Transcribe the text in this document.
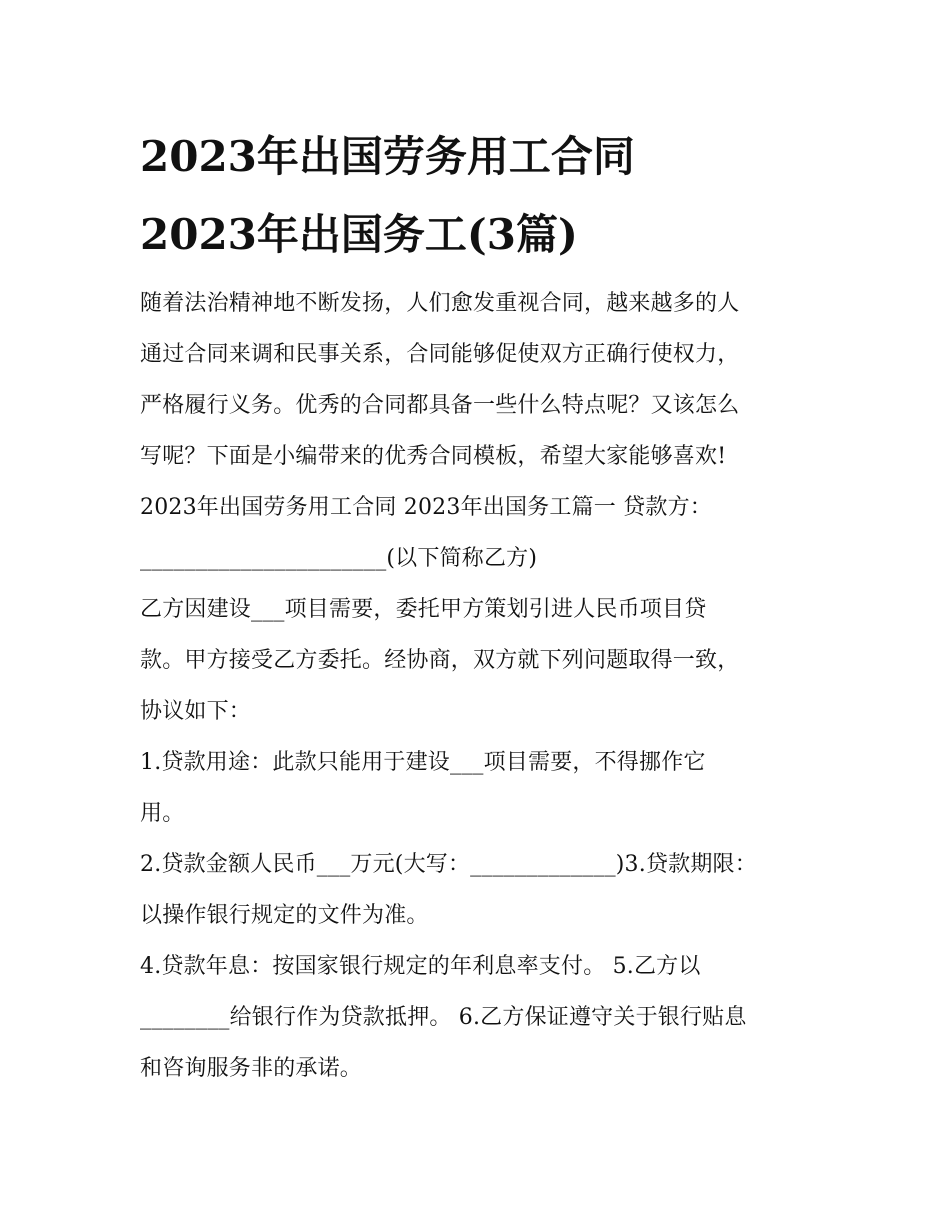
2023年出国劳务用工合同
2023年出国务工(3篇)
随着法治精神地不断发扬，人们愈发重视合同，越来越多的人
通过合同来调和民事关系，合同能够促使双方正确行使权力，
严格履行义务。优秀的合同都具备一些什么特点呢？又该怎么
写呢？下面是小编带来的优秀合同模板，希望大家能够喜欢!
2023年出国劳务用工合同 2023年出国务工篇一 贷款方：
______________________(以下简称乙方)
乙方因建设___项目需要，委托甲方策划引进人民币项目贷
款。甲方接受乙方委托。经协商，双方就下列问题取得一致，
协议如下：
1.贷款用途：此款只能用于建设___项目需要，不得挪作它
用。
2.贷款金额人民币___万元(大写：_____________)3.贷款期限：
以操作银行规定的文件为准。
4.贷款年息：按国家银行规定的年利息率支付。 5.乙方以
________给银行作为贷款抵押。 6.乙方保证遵守关于银行贴息
和咨询服务非的承诺。
